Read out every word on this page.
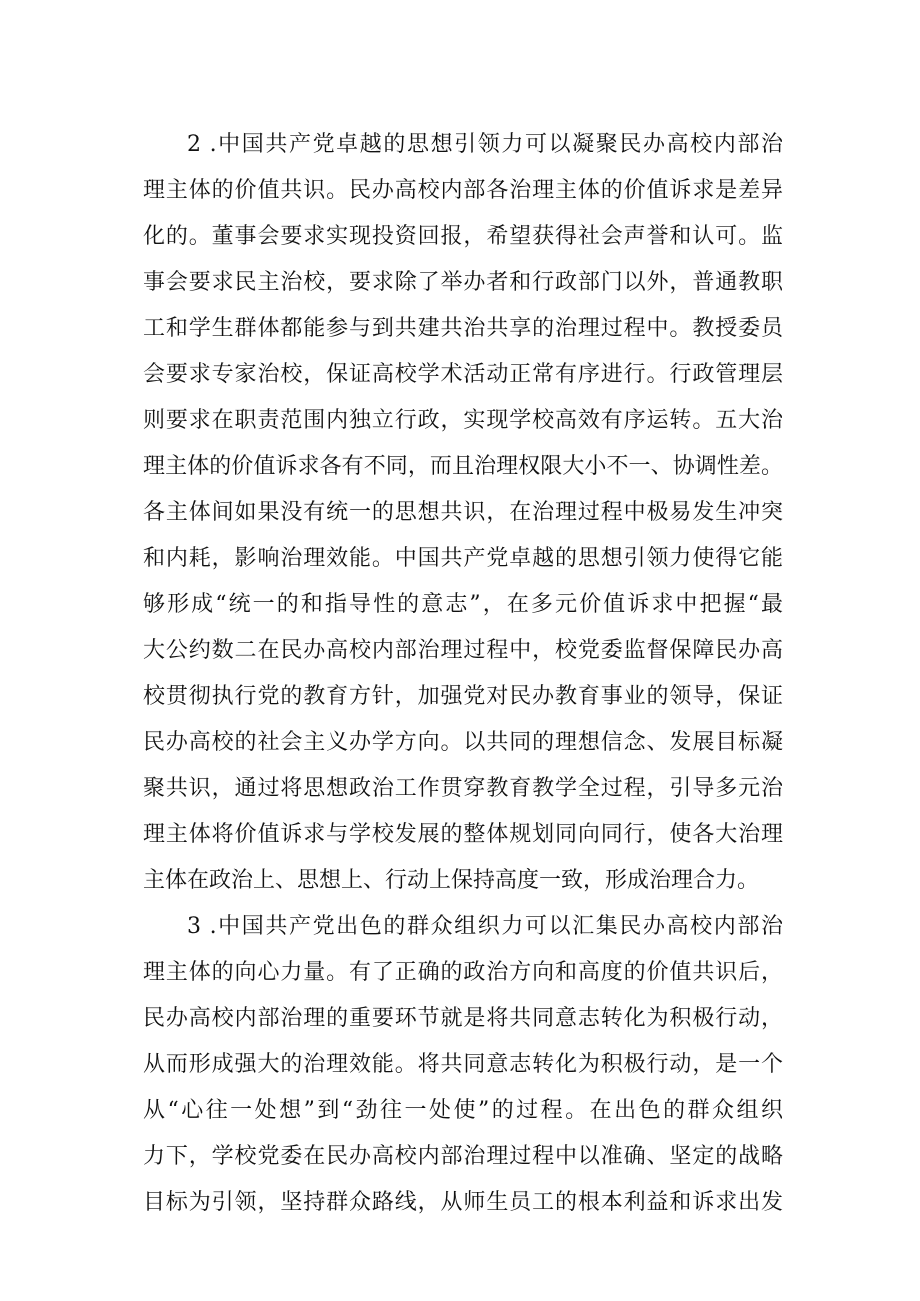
2 .中国共产党卓越的思想引领力可以凝聚民办高校内部治
理主体的价值共识。民办高校内部各治理主体的价值诉求是差异
化的。董事会要求实现投资回报，希望获得社会声誉和认可。监
事会要求民主治校，要求除了举办者和行政部门以外，普通教职
工和学生群体都能参与到共建共治共享的治理过程中。教授委员
会要求专家治校，保证高校学术活动正常有序进行。行政管理层
则要求在职责范围内独立行政，实现学校高效有序运转。五大治
理主体的价值诉求各有不同，而且治理权限大小不一、协调性差。
各主体间如果没有统一的思想共识，在治理过程中极易发生冲突
和内耗，影响治理效能。中国共产党卓越的思想引领力使得它能
够形成“统一的和指导性的意志”，在多元价值诉求中把握“最
大公约数二在民办高校内部治理过程中，校党委监督保障民办高
校贯彻执行党的教育方针，加强党对民办教育事业的领导，保证
民办高校的社会主义办学方向。以共同的理想信念、发展目标凝
聚共识，通过将思想政治工作贯穿教育教学全过程，引导多元治
理主体将价值诉求与学校发展的整体规划同向同行，使各大治理
主体在政治上、思想上、行动上保持高度一致，形成治理合力。
3 .中国共产党出色的群众组织力可以汇集民办高校内部治
理主体的向心力量。有了正确的政治方向和高度的价值共识后，
民办高校内部治理的重要环节就是将共同意志转化为积极行动，
从而形成强大的治理效能。将共同意志转化为积极行动，是一个
从“心往一处想”到“劲往一处使”的过程。在出色的群众组织
力下，学校党委在民办高校内部治理过程中以准确、坚定的战略
目标为引领，坚持群众路线，从师生员工的根本利益和诉求出发
